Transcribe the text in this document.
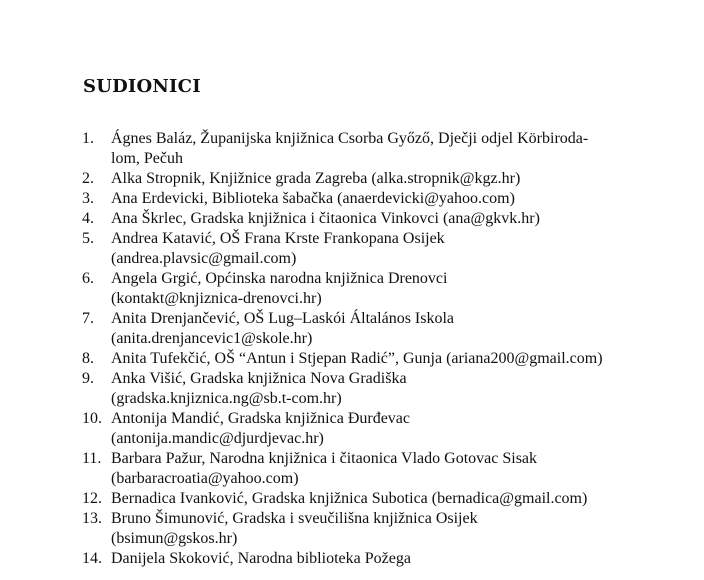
SUDIONICI
1. Ágnes Baláz, Županijska knjižnica Csorba Győző, Dječji odjel Körbiroda-
lom, Pečuh
2. Alka Stropnik, Knjižnice grada Zagreba (alka.stropnik@kgz.hr)
3. Ana Erdevicki, Biblioteka šabačka (anaerdevicki@yahoo.com)
4. Ana Škrlec, Gradska knjižnica i čitaonica Vinkovci (ana@gkvk.hr)
5. Andrea Katavić, OŠ Frana Krste Frankopana Osijek
(andrea.plavsic@gmail.com)
6. Angela Grgić, Općinska narodna knjižnica Drenovci
(kontakt@knjiznica-drenovci.hr)
7. Anita Drenjančević, OŠ Lug–Laskói Általános Iskola
(anita.drenjancevic1@skole.hr)
8. Anita Tufekčić, OŠ “Antun i Stjepan Radić”, Gunja (ariana200@gmail.com)
9. Anka Višić, Gradska knjižnica Nova Gradiška
(gradska.knjiznica.ng@sb.t-com.hr)
10. Antonija Mandić, Gradska knjižnica Đurđevac
(antonija.mandic@djurdjevac.hr)
11. Barbara Pažur, Narodna knjižnica i čitaonica Vlado Gotovac Sisak
(barbaracroatia@yahoo.com)
12. Bernadica Ivanković, Gradska knjižnica Subotica (bernadica@gmail.com)
13. Bruno Šimunović, Gradska i sveučilišna knjižnica Osijek
(bsimun@gskos.hr)
14. Danijela Skoković, Narodna biblioteka Požega
